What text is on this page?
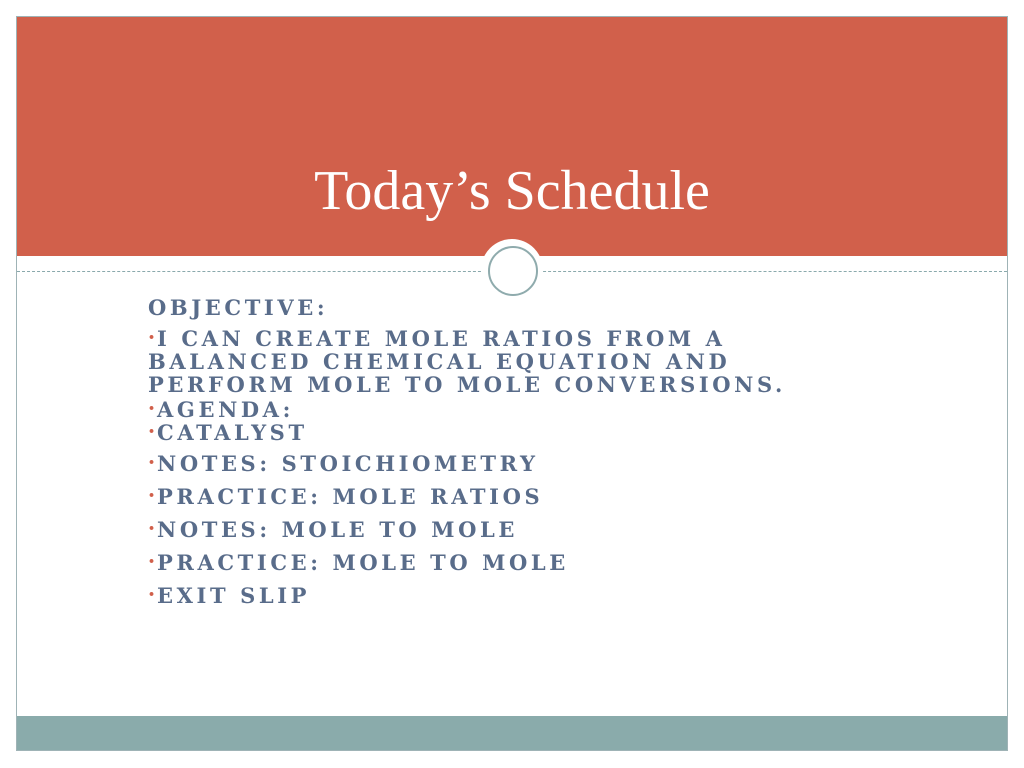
Today’s Schedule
OBJECTIVE:
•I CAN CREATE MOLE RATIOS FROM A
BALANCED CHEMICAL EQUATION AND
PERFORM MOLE TO MOLE CONVERSIONS.
•AGENDA:
•CATALYST
•NOTES: STOICHIOMETRY
•PRACTICE: MOLE RATIOS
•NOTES: MOLE TO MOLE
•PRACTICE: MOLE TO MOLE
•EXIT SLIP
